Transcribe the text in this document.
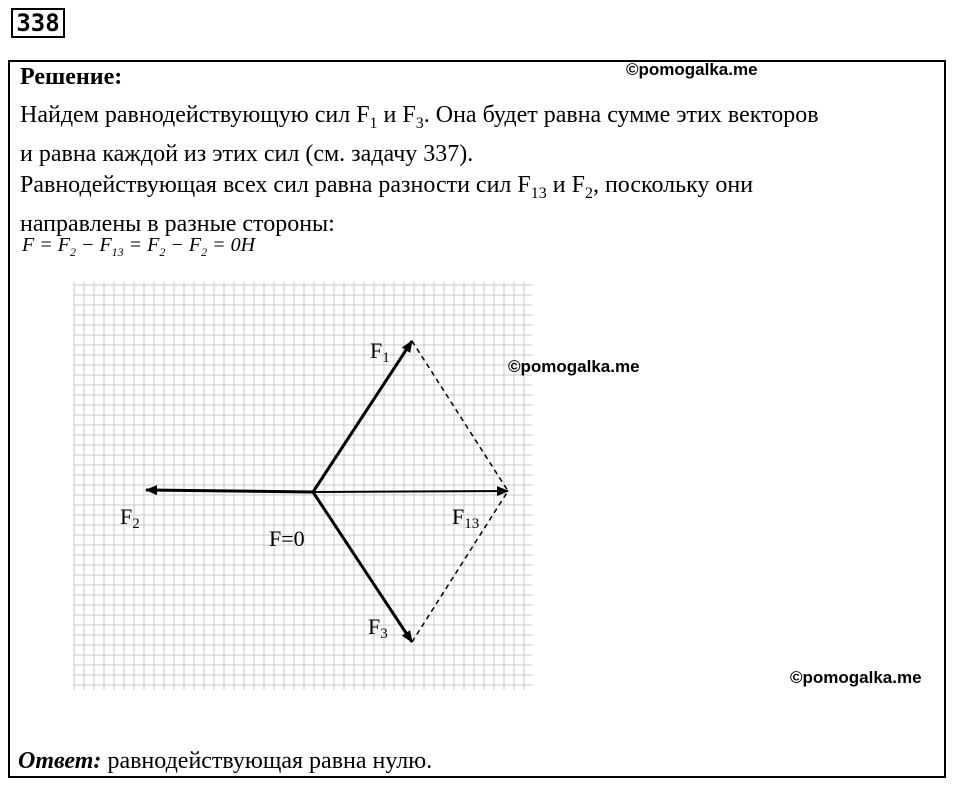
338
Решение:	©pomogalka.me
Найдем равнодействующую сил $F_1$ и $F_3$. Она будет равна сумме этих векторов
и равна каждой из этих сил (см. задачу 337).
Равнодействующая всех сил равна разности сил $F_{13}$ и $F_2$, поскольку они
направлены в разные стороны:
$F = F_2 - F_{13} = F_2 - F_2 = 0H$
F1
F2	F13
F=0
F3
©pomogalka.me
©pomogalka.me
Ответ: равнодействующая равна нулю.
